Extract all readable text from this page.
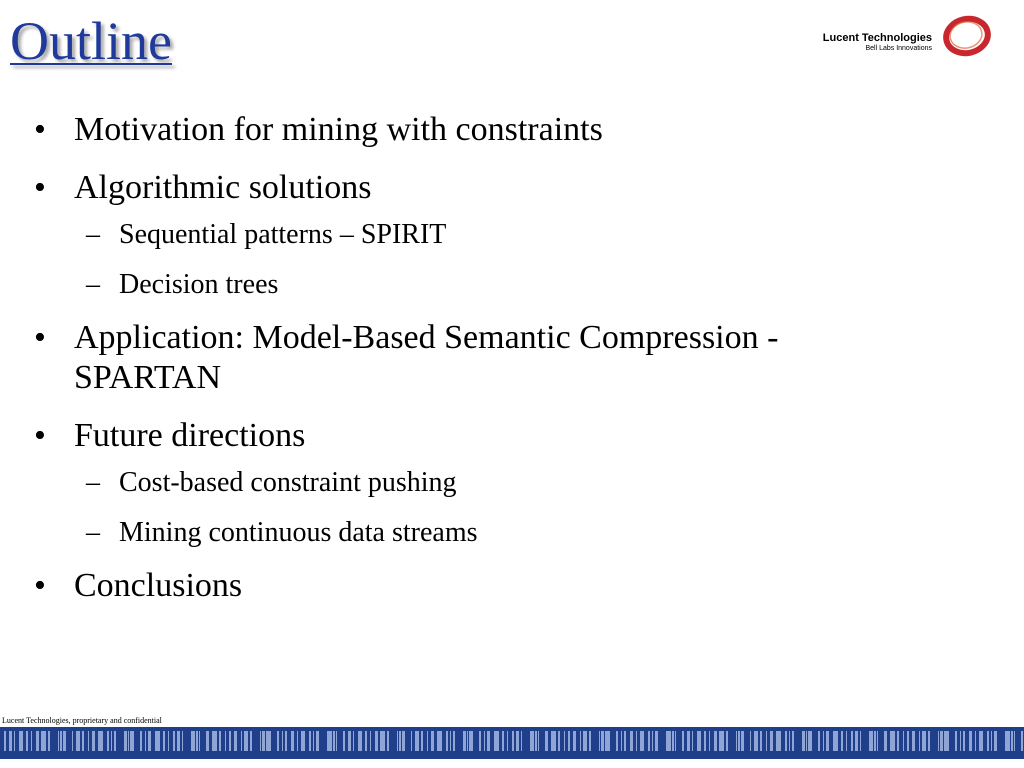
Outline	Lucent Technologies
Bell Labs Innovations
• Motivation for mining with constraints
• Algorithmic solutions
– Sequential patterns – SPIRIT
– Decision trees
• Application: Model-Based Semantic Compression - SPARTAN
• Future directions
– Cost-based constraint pushing
– Mining continuous data streams
• Conclusions
Lucent Technologies, proprietary and confidential
